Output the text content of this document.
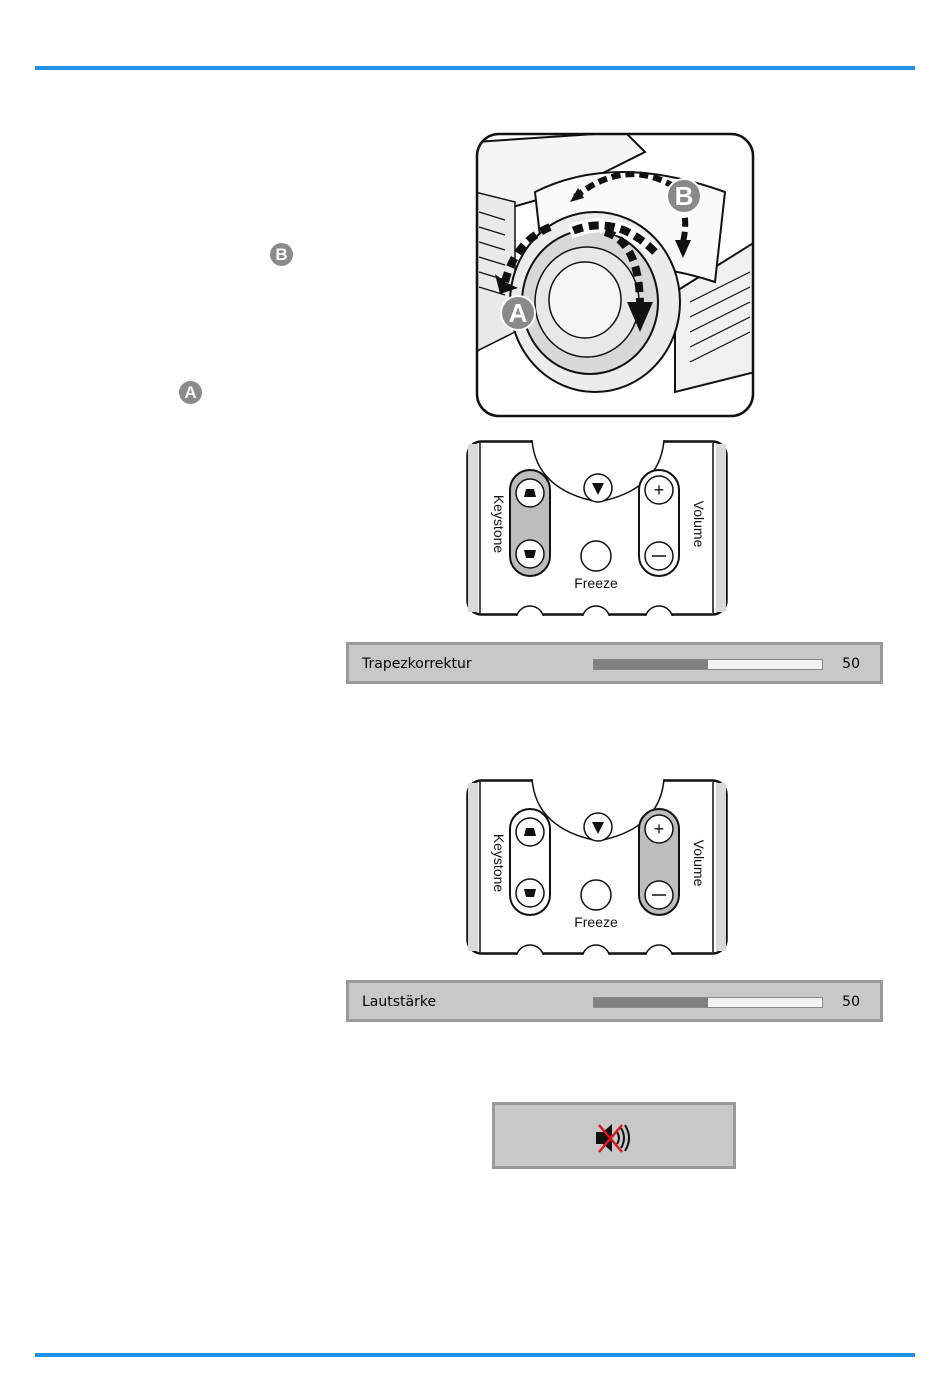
B
A
B
A
Freeze
+
Keystone	Volume
Trapezkorrektur	50
Freeze
+
Keystone	Volume
Lautstärke	50
